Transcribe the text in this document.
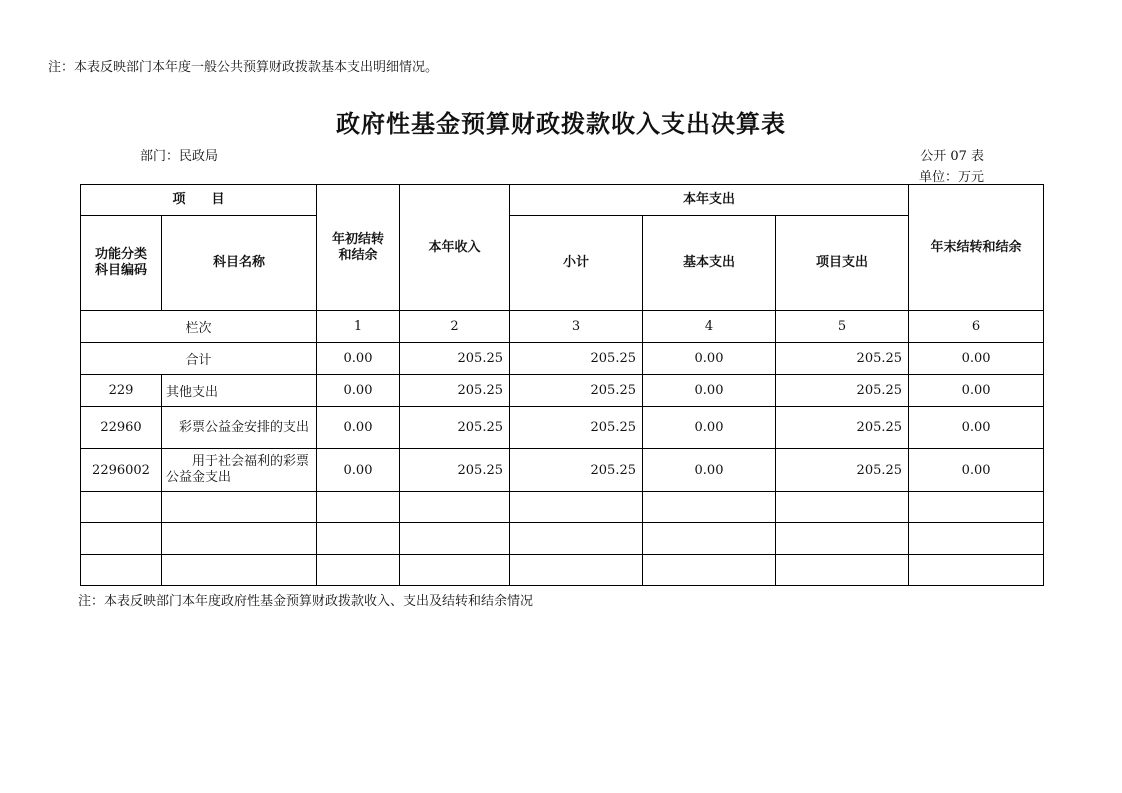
注：本表反映部门本年度一般公共预算财政拨款基本支出明细情况。
政府性基金预算财政拨款收入支出决算表
部门：民政局	公开 07 表
单位：万元
项　　目		年初结转和结余	本年收入	本年支出			年末结转和结余
功能分类科目编码	科目名称			小计	基本支出	项目支出	
栏次		1	2	3	4	5	6
合计		0.00	205.25	205.25	0.00	205.25	0.00
229	其他支出	0.00	205.25	205.25	0.00	205.25	0.00
22960	　彩票公益金安排的支出	0.00	205.25	205.25	0.00	205.25	0.00
2296002	　　用于社会福利的彩票公益金支出	0.00	205.25	205.25	0.00	205.25	0.00

注：本表反映部门本年度政府性基金预算财政拨款收入、支出及结转和结余情况
